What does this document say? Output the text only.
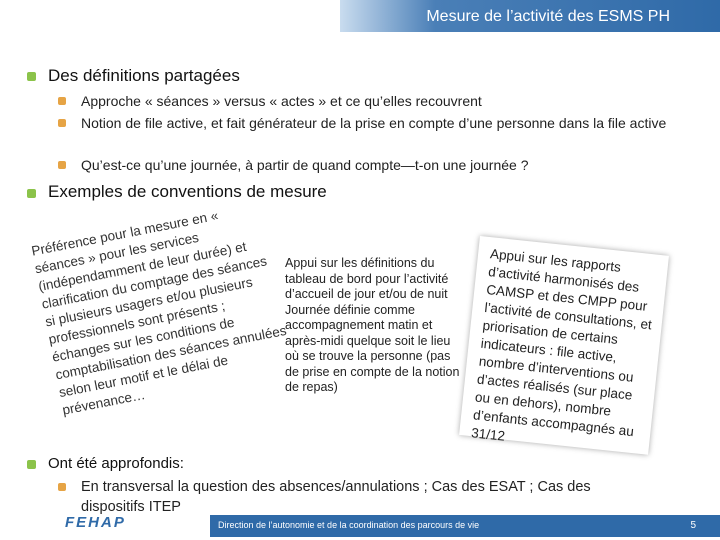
Mesure de l’activité des ESMS PH
Des définitions partagées
Approche « séances » versus « actes » et ce qu’elles recouvrent
Notion de file active, et fait générateur de la prise en compte d’une personne dans la file active
Qu’est-ce qu’une journée, à partir de quand compte—t-on une journée ?
Exemples de conventions de mesure
Préférence pour la mesure en « séances » pour les services (indépendamment de leur durée) et clarification du comptage des séances si plusieurs usagers et/ou plusieurs professionnels sont présents ; échanges sur les conditions de comptabilisation des séances annulées selon leur motif et le délai de prévenance…
Appui sur les définitions du tableau de bord pour l’activité d’accueil de jour et/ou de nuit
Journée définie comme accompagnement matin et après-midi quelque soit le lieu où se trouve la personne (pas de prise en compte de la notion de repas)
Appui sur les rapports d’activité harmonisés des CAMSP et des CMPP pour l’activité de consultations, et priorisation de certains indicateurs : file active, nombre d’interventions ou d’actes réalisés (sur place ou en dehors), nombre d’enfants accompagnés au 31/12
Ont été approfondis:
En transversal la question des absences/annulations ; Cas des ESAT ; Cas des dispositifs ITEP
FEHAP	Direction de l’autonomie et de la coordination des parcours de vie	5
